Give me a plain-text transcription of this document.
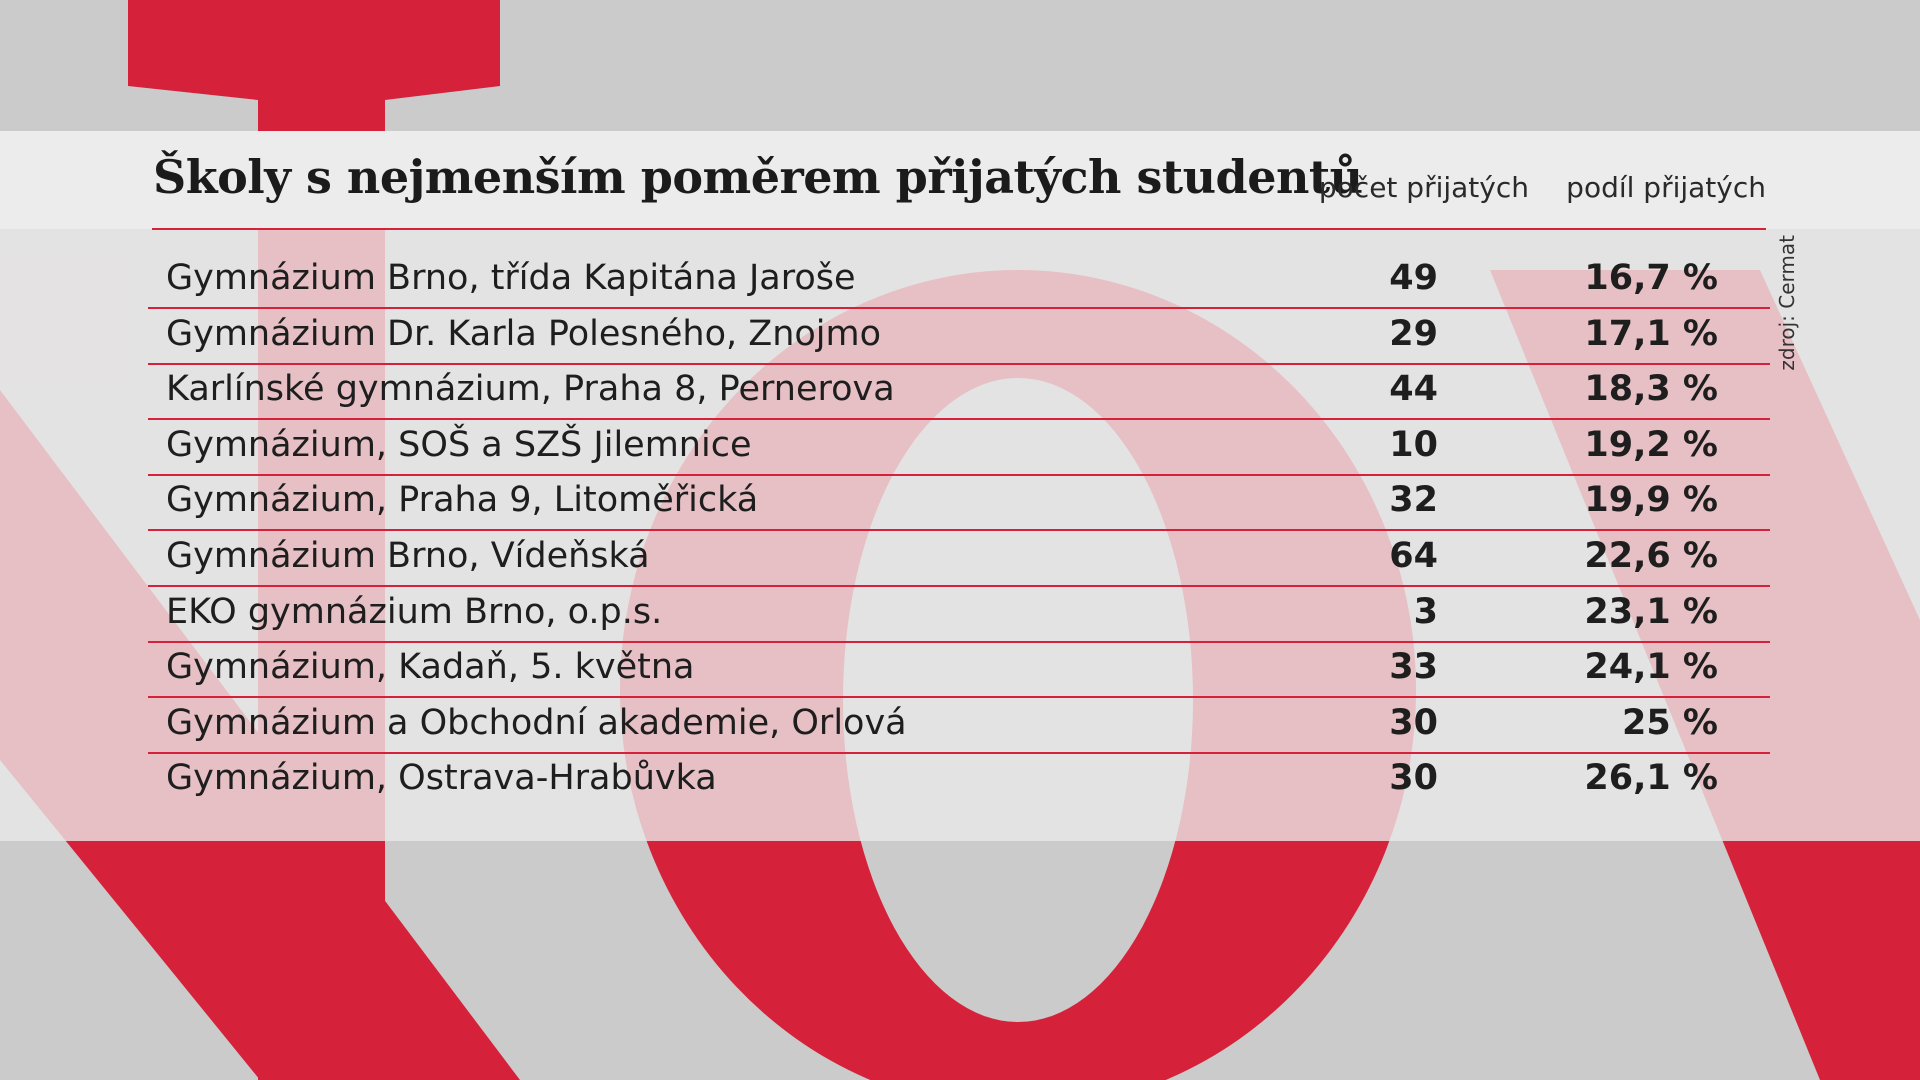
Školy s nejmenším poměrem přijatých studentů
počet přijatých podíl přijatých
zdroj: Cermat
Gymnázium Brno, třída Kapitána Jaroše	49	16,7 %
Gymnázium Dr. Karla Polesného, Znojmo	29	17,1 %
Karlínské gymnázium, Praha 8, Pernerova	44	18,3 %
Gymnázium, SOŠ a SZŠ Jilemnice	10	19,2 %
Gymnázium, Praha 9, Litoměřická	32	19,9 %
Gymnázium Brno, Vídeňská	64	22,6 %
EKO gymnázium Brno, o.p.s.	3	23,1 %
Gymnázium, Kadaň, 5. května	33	24,1 %
Gymnázium a Obchodní akademie, Orlová	30	25 %
Gymnázium, Ostrava-Hrabůvka	30	26,1 %
